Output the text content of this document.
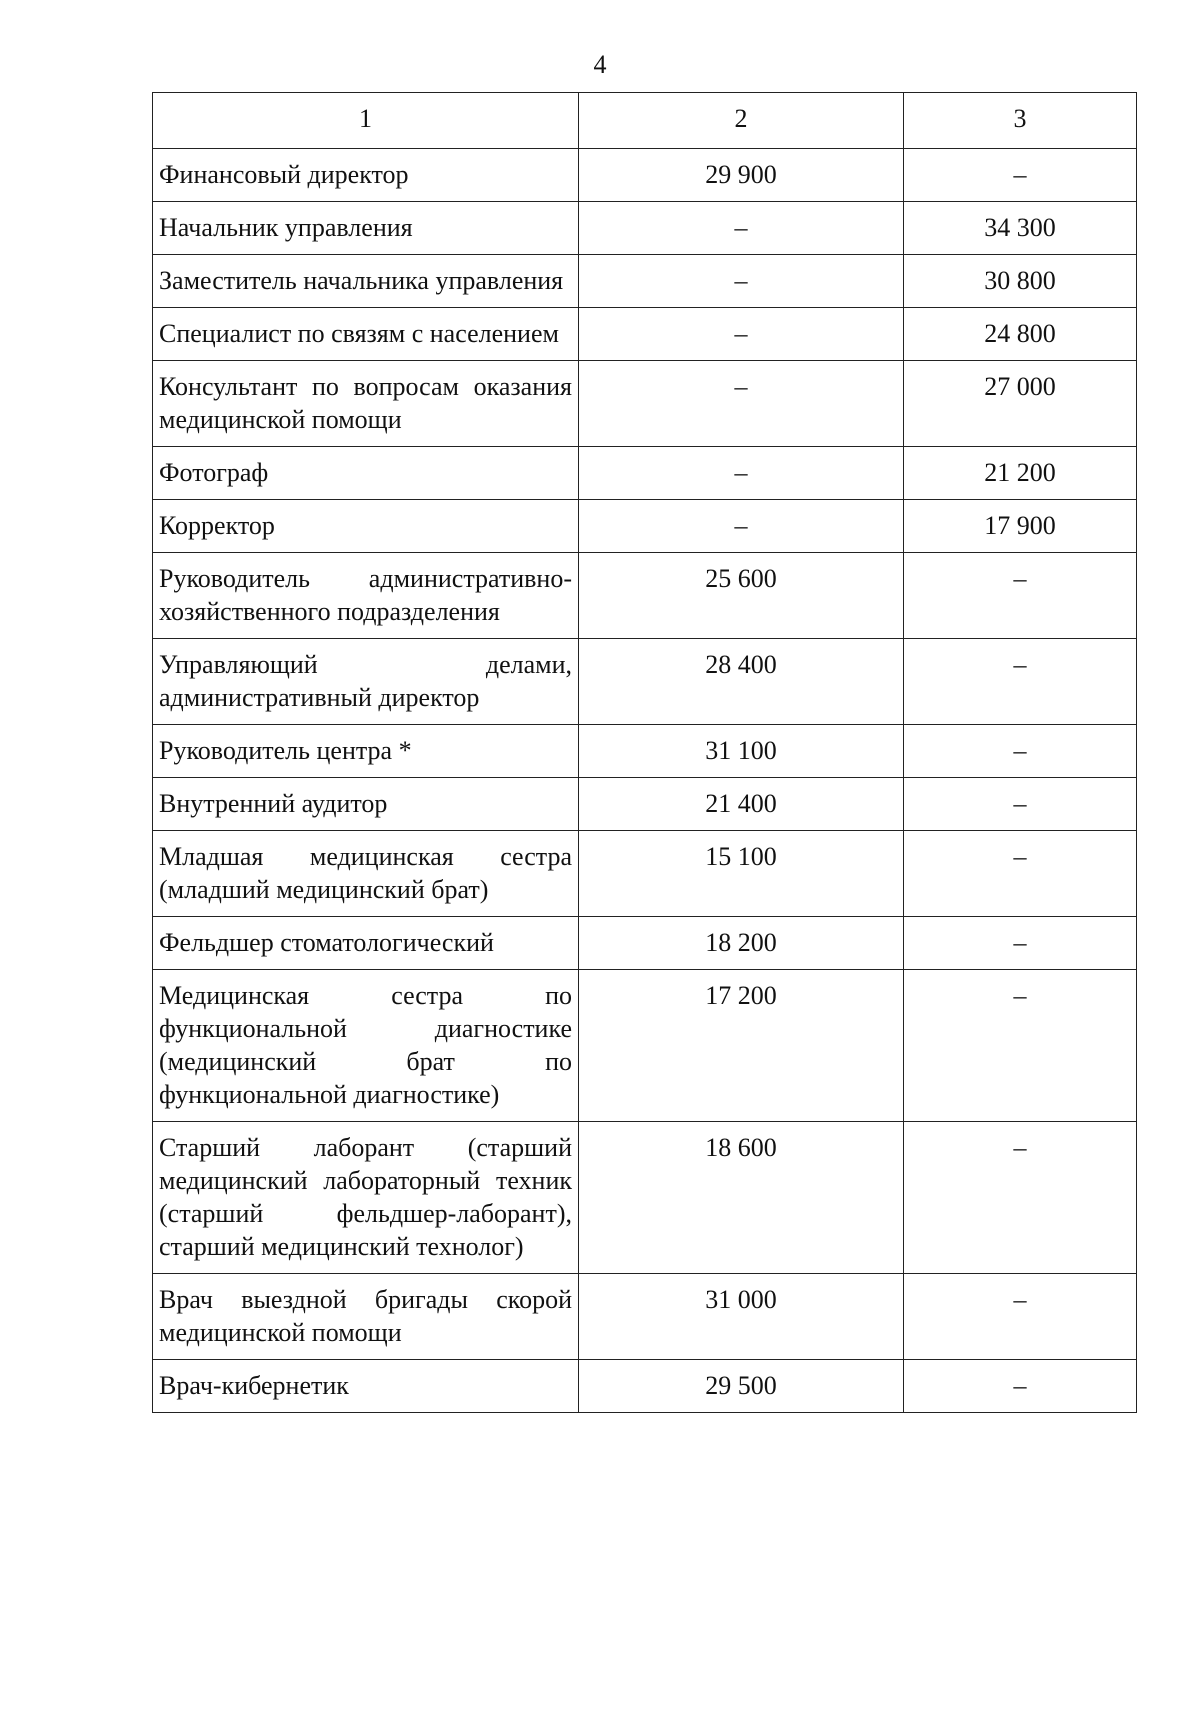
4
1	2	3
Финансовый директор	29 900	–
Начальник управления	–	34 300
Заместитель начальника управления	–	30 800
Специалист по связям с населением	–	24 800
Консультант по вопросам оказания медицинской помощи	–	27 000
Фотограф	–	21 200
Корректор	–	17 900
Руководитель административно-хозяйственного подразделения	25 600	–
Управляющий делами, административный директор	28 400	–
Руководитель центра *	31 100	–
Внутренний аудитор	21 400	–
Младшая медицинская сестра (младший медицинский брат)	15 100	–
Фельдшер стоматологический	18 200	–
Медицинская сестра по функциональной диагностике (медицинский брат по функциональной диагностике)	17 200	–
Старший лаборант (старший медицинский лабораторный техник (старший фельдшер-лаборант), старший медицинский технолог)	18 600	–
Врач выездной бригады скорой медицинской помощи	31 000	–
Врач-кибернетик	29 500	–
